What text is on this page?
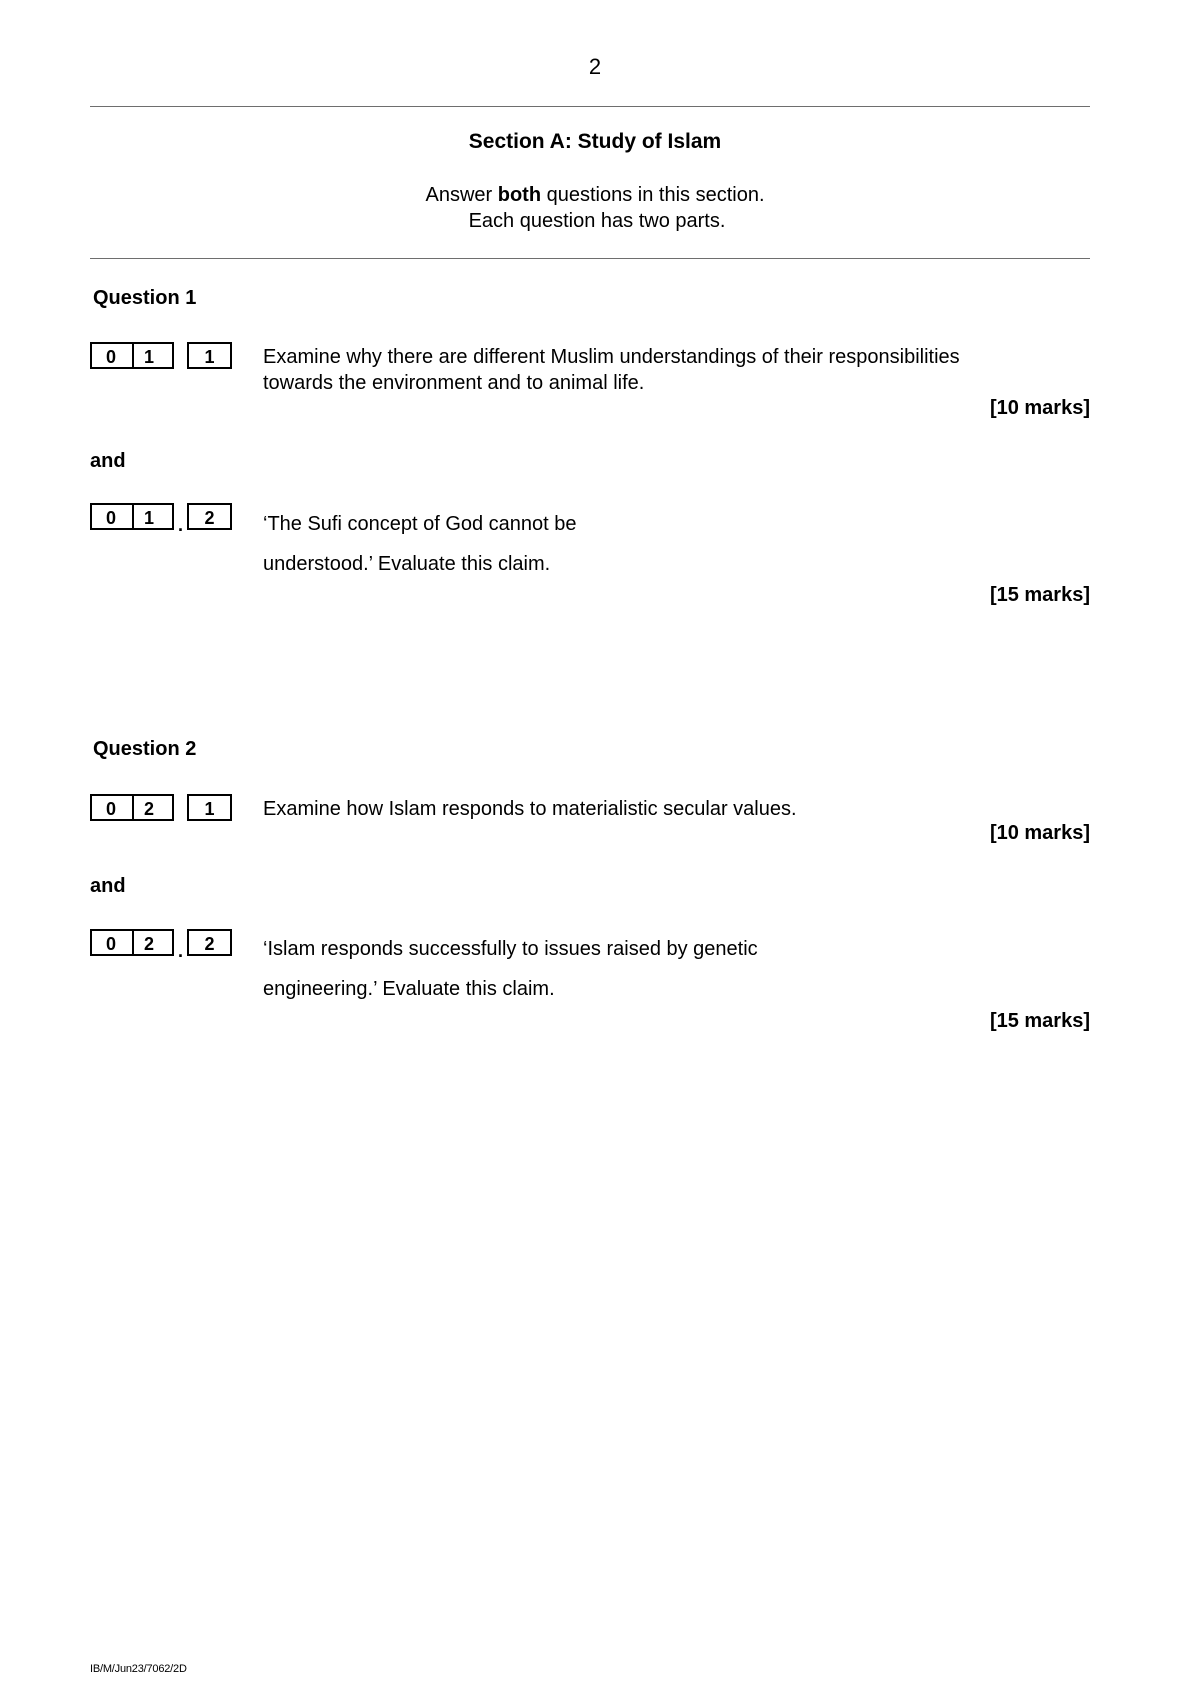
2
Section A: Study of Islam
Answer both questions in this section.
Each question has two parts.
Question 1
0	1	1	Examine why there are different Muslim understandings of their responsibilities
towards the environment and to animal life.
[10 marks]
and
0	1	.	2	‘The Sufi concept of God cannot be
understood.’ Evaluate this claim.
[15 marks]
Question 2
0	2	1	Examine how Islam responds to materialistic secular values.
[10 marks]
and
0	2	.	2	‘Islam responds successfully to issues raised by genetic
engineering.’ Evaluate this claim.
[15 marks]
IB/M/Jun23/7062/2D
